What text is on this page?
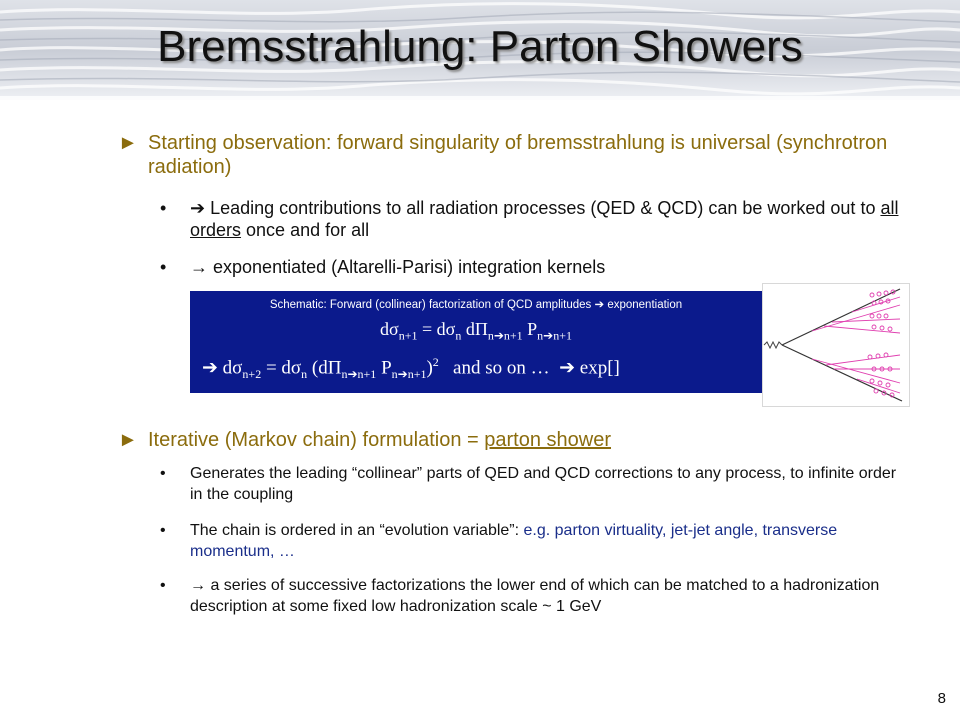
Bremsstrahlung: Parton Showers
► Starting observation: forward singularity of bremsstrahlung is universal (synchrotron radiation)
• ➔ Leading contributions to all radiation processes (QED & QCD) can be worked out to all orders once and for all
• → exponentiated (Altarelli-Parisi) integration kernels
Schematic: Forward (collinear) factorization of QCD amplitudes ➔ exponentiation
$d\sigma_{n+1} = d\sigma_n$ $d\Pi_{n➔n+1}$ $P_{n➔n+1}$
➔ $d\sigma_{n+2} = d\sigma_n$ ($d\Pi_{n➔n+1}$ $P_{n➔n+1})^2$   and so on …  ➔ exp[]
► Iterative (Markov chain) formulation = parton shower
• Generates the leading “collinear” parts of QED and QCD corrections to any process, to infinite order in the coupling
• The chain is ordered in an “evolution variable”: e.g. parton virtuality, jet-jet angle, transverse momentum, …
• → a series of successive factorizations the lower end of which can be matched to a hadronization description at some fixed low hadronization scale ~ 1 GeV
8
